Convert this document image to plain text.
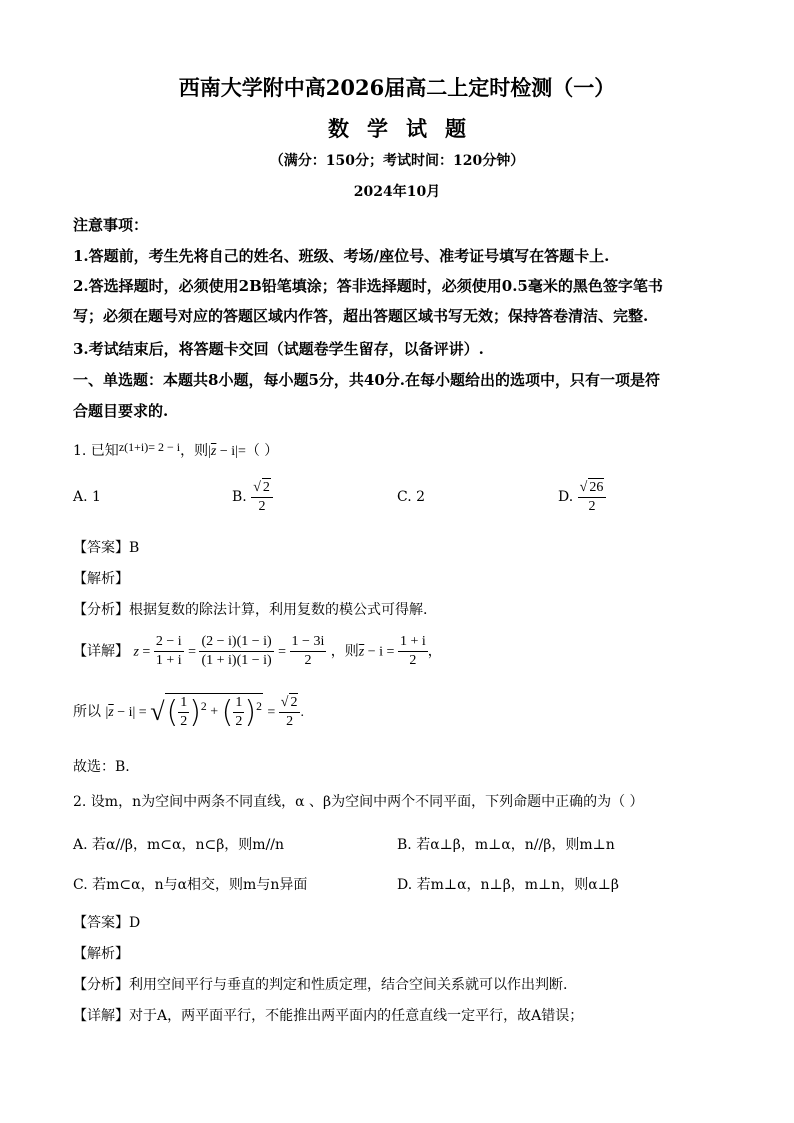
西南大学附中高2026届高二上定时检测（一）
数学试题
（满分：150分；考试时间：120分钟）
2024年10月
注意事项：
1.答题前，考生先将自己的姓名、班级、考场/座位号、准考证号填写在答题卡上.
2.答选择题时，必须使用2B铅笔填涂；答非选择题时，必须使用0.5毫米的黑色签字笔书
写；必须在题号对应的答题区域内作答，超出答题区域书写无效；保持答卷清洁、完整.
3.考试结束后，将答题卡交回（试题卷学生留存，以备评讲）.
一、单选题：本题共8小题，每小题5分，共40分.在每小题给出的选项中，只有一项是符
合题目要求的.
1. 已知z(1+i)= 2 − i，则$|\overline{z} - i|=$（ ）
A. 1	B. $\frac{√ 2}{2}$	C. 2	D. $\frac{√ 26}{2}$
【答案】B
【解析】
【分析】根据复数的除法计算，利用复数的模公式可得解.
【详解】 $z = \frac{2 - i}{1 + i} = \frac{(2 - i)(1 - i)}{(1 + i)(1 - i)} = \frac{1 - 3i}{2}$ ，则$\overline{z} - i = \frac{1 + i}{2}$ ，
所以 $|\overline{z} - i|$ = √( $\frac{1}{2} )^2$ + ( $\frac{1}{2} )^2 = \frac{√ 2}{2}$ .
故选：B.
2. 设m，n为空间中两条不同直线，α 、β为空间中两个不同平面，下列命题中正确的为（ ）
A. 若α//β，m⊂α，n⊂β，则m//n	B. 若α⊥β，m⊥α，n//β，则m⊥n
C. 若m⊂α，n与α相交，则m与n异面	D. 若m⊥α，n⊥β，m⊥n，则α⊥β
【答案】D
【解析】
【分析】利用空间平行与垂直的判定和性质定理，结合空间关系就可以作出判断.
【详解】对于A，两平面平行，不能推出两平面内的任意直线一定平行，故A错误；
